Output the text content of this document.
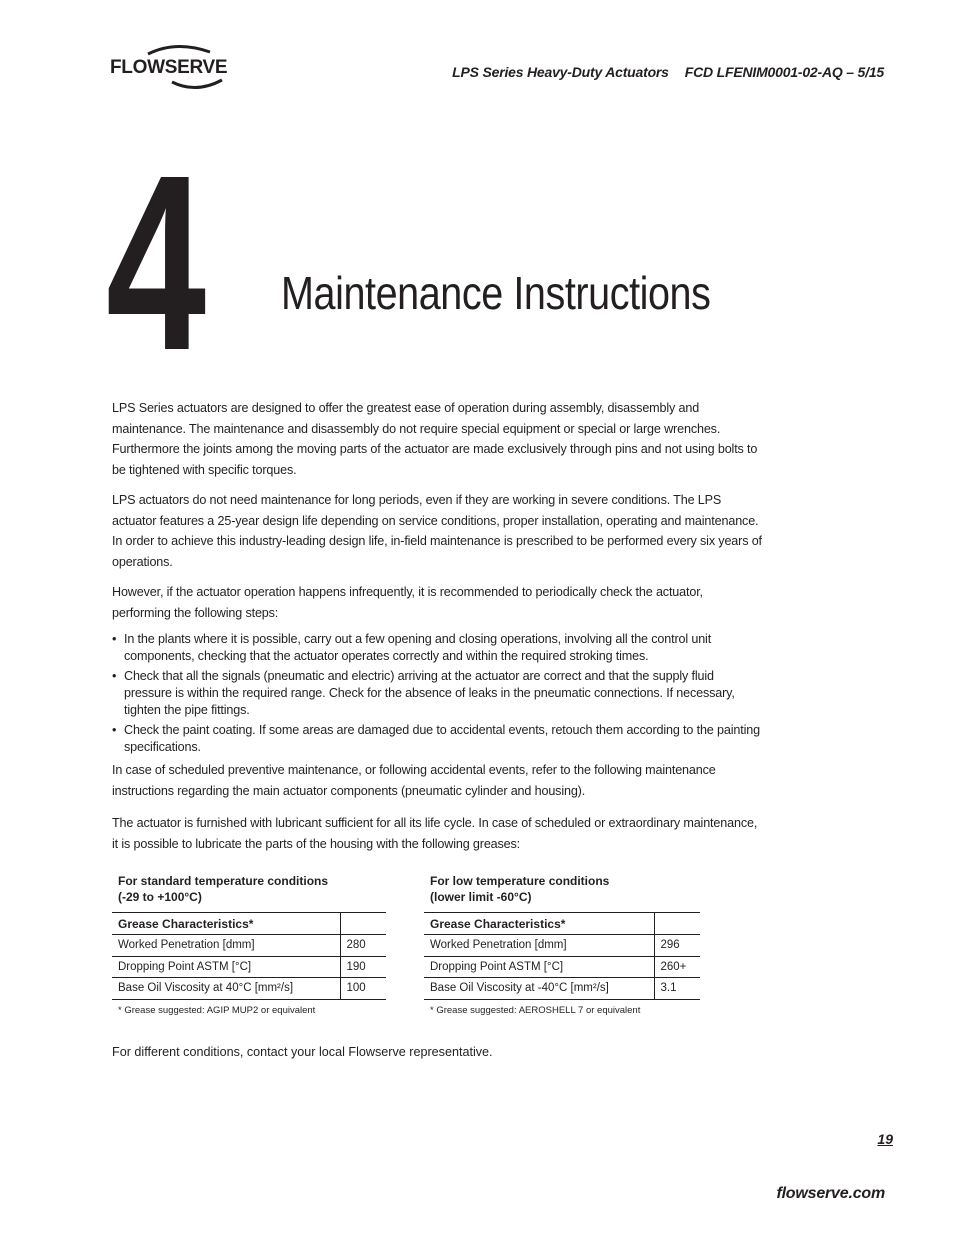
FLOWSERVE	LPS Series Heavy-Duty Actuators FCD LFENIM0001-02-AQ – 5/15
4 Maintenance Instructions

LPS Series actuators are designed to offer the greatest ease of operation during assembly, disassembly and maintenance. The maintenance and disassembly do not require special equipment or special or large wrenches. Furthermore the joints among the moving parts of the actuator are made exclusively through pins and not using bolts to be tightened with specific torques.

LPS actuators do not need maintenance for long periods, even if they are working in severe conditions. The LPS actuator features a 25-year design life depending on service conditions, proper installation, operating and maintenance. In order to achieve this industry-leading design life, in-field maintenance is prescribed to be performed every six years of operations.

However, if the actuator operation happens infrequently, it is recommended to periodically check the actuator, performing the following steps:

• In the plants where it is possible, carry out a few opening and closing operations, involving all the control unit components, checking that the actuator operates correctly and within the required stroking times.
• Check that all the signals (pneumatic and electric) arriving at the actuator are correct and that the supply fluid pressure is within the required range. Check for the absence of leaks in the pneumatic connections. If necessary, tighten the pipe fittings.
• Check the paint coating. If some areas are damaged due to accidental events, retouch them according to the painting specifications.

In case of scheduled preventive maintenance, or following accidental events, refer to the following maintenance instructions regarding the main actuator components (pneumatic cylinder and housing).

The actuator is furnished with lubricant sufficient for all its life cycle. In case of scheduled or extraordinary maintenance, it is possible to lubricate the parts of the housing with the following greases:

For standard temperature conditions
(-29 to +100°C)
Grease Characteristics*	
Worked Penetration [dmm]	280
Dropping Point ASTM [°C]	190
Base Oil Viscosity at 40°C [mm²/s]	100
* Grease suggested: AGIP MUP2 or equivalent
For low temperature conditions
(lower limit -60°C)
Grease Characteristics*	
Worked Penetration [dmm]	296
Dropping Point ASTM [°C]	260+
Base Oil Viscosity at -40°C [mm²/s]	3.1
* Grease suggested: AEROSHELL 7 or equivalent
For different conditions, contact your local Flowserve representative.
19
flowserve.com
